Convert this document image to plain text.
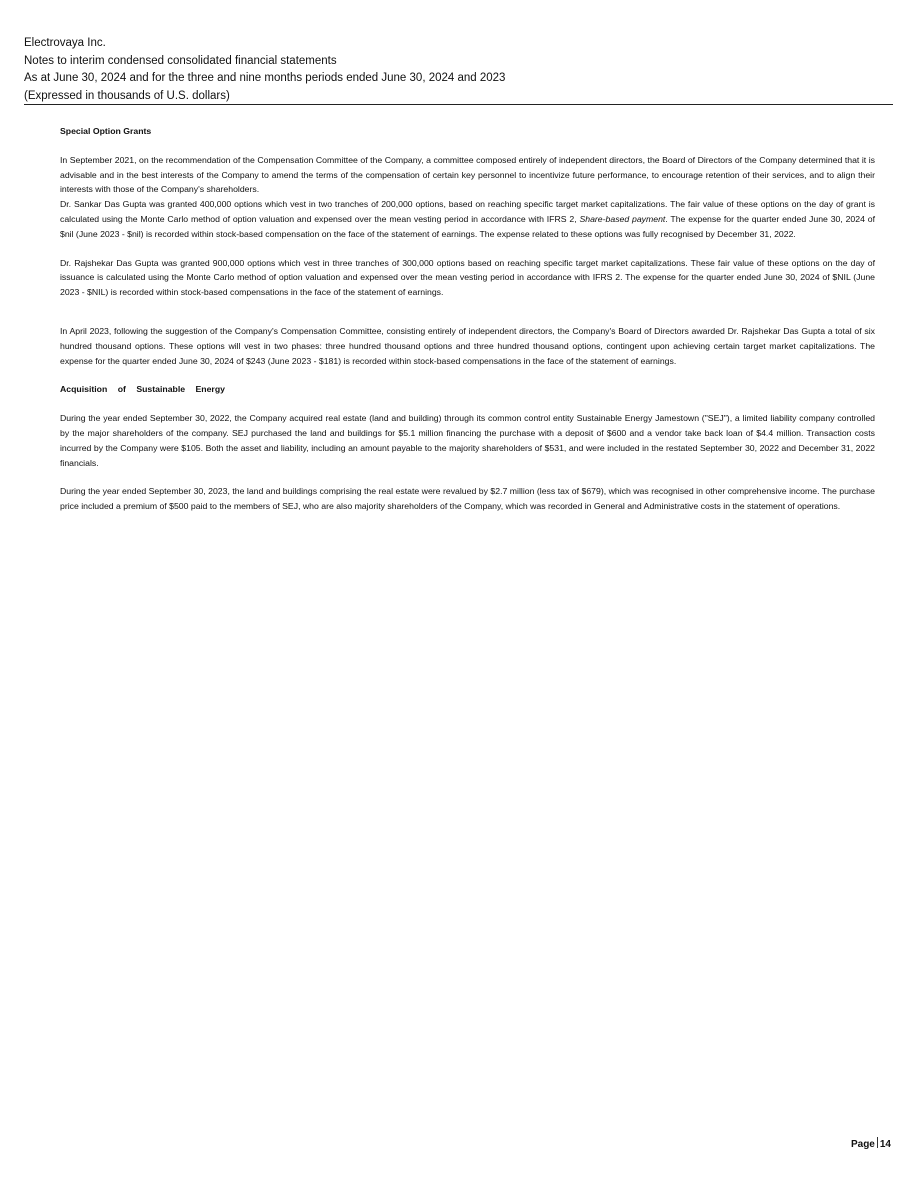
Electrovaya Inc.
Notes to interim condensed consolidated financial statements
As at June 30, 2024 and for the three and nine months periods ended June 30, 2024 and 2023
(Expressed in thousands of U.S. dollars)

Special Option Grants

In September 2021, on the recommendation of the Compensation Committee of the Company, a committee composed entirely of independent directors, the Board of Directors of the Company determined that it is advisable and in the best interests of the Company to amend the terms of the compensation of certain key personnel to incentivize future performance, to encourage retention of their services, and to align their interests with those of the Company's shareholders.

Dr. Sankar Das Gupta was granted 400,000 options which vest in two tranches of 200,000 options, based on reaching specific target market capitalizations. The fair value of these options on the day of grant is calculated using the Monte Carlo method of option valuation and expensed over the mean vesting period in accordance with IFRS 2, Share-based payment. The expense for the quarter ended June 30, 2024 of $nil (June 2023 - $nil) is recorded within stock-based compensation on the face of the statement of earnings. The expense related to these options was fully recognised by December 31, 2022.

Dr. Rajshekar Das Gupta was granted 900,000 options which vest in three tranches of 300,000 options based on reaching specific target market capitalizations. These fair value of these options on the day of issuance is calculated using the Monte Carlo method of option valuation and expensed over the mean vesting period in accordance with IFRS 2. The expense for the quarter ended June 30, 2024 of $NIL (June 2023 - $NIL) is recorded within stock-based compensations in the face of the statement of earnings.

In April 2023, following the suggestion of the Company's Compensation Committee, consisting entirely of independent directors, the Company's Board of Directors awarded Dr. Rajshekar Das Gupta a total of six hundred thousand options. These options will vest in two phases: three hundred thousand options and three hundred thousand options, contingent upon achieving certain target market capitalizations. The expense for the quarter ended June 30, 2024 of $243 (June 2023 - $181) is recorded within stock-based compensations in the face of the statement of earnings.

Acquisition of Sustainable Energy

During the year ended September 30, 2022, the Company acquired real estate (land and building) through its common control entity Sustainable Energy Jamestown ("SEJ"), a limited liability company controlled by the major shareholders of the company. SEJ purchased the land and buildings for $5.1 million financing the purchase with a deposit of $600 and a vendor take back loan of $4.4 million. Transaction costs incurred by the Company were $105. Both the asset and liability, including an amount payable to the majority shareholders of $531, and were included in the restated September 30, 2022 and December 31, 2022 financials.

During the year ended September 30, 2023, the land and buildings comprising the real estate were revalued by $2.7 million (less tax of $679), which was recognised in other comprehensive income. The purchase price included a premium of $500 paid to the members of SEJ, who are also majority shareholders of the Company, which was recorded in General and Administrative costs in the statement of operations.

Page 14
